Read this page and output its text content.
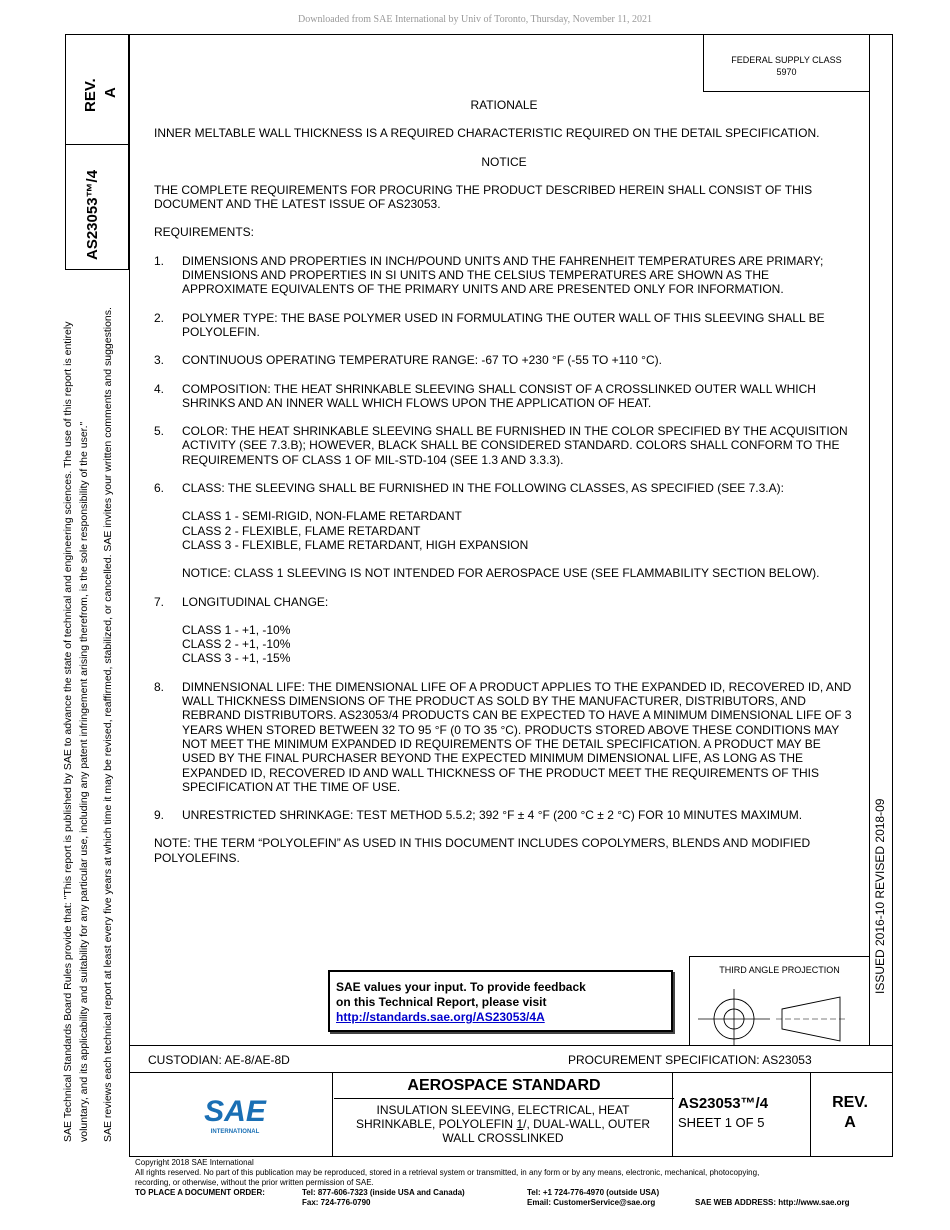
Downloaded from SAE International by Univ of Toronto, Thursday, November 11, 2021
REV. A
AS23053™/4
SAE Technical Standards Board Rules provide that: "This report is published by SAE to advance the state of technical and engineering sciences. The use of this report is entirely voluntary, and its applicability and suitability for any particular use, including any patent infringement arising therefrom, is the sole responsibility of the user." SAE reviews each technical report at least every five years at which time it may be revised, reaffirmed, stabilized, or cancelled. SAE invites your written comments and suggestions.	ISSUED 2016-10 REVISED 2018-09
FEDERAL SUPPLY CLASS
5970
RATIONALE
INNER MELTABLE WALL THICKNESS IS A REQUIRED CHARACTERISTIC REQUIRED ON THE DETAIL SPECIFICATION.
NOTICE
THE COMPLETE REQUIREMENTS FOR PROCURING THE PRODUCT DESCRIBED HEREIN SHALL CONSIST OF THIS DOCUMENT AND THE LATEST ISSUE OF AS23053.
REQUIREMENTS:
1.	DIMENSIONS AND PROPERTIES IN INCH/POUND UNITS AND THE FAHRENHEIT TEMPERATURES ARE PRIMARY; DIMENSIONS AND PROPERTIES IN SI UNITS AND THE CELSIUS TEMPERATURES ARE SHOWN AS THE APPROXIMATE EQUIVALENTS OF THE PRIMARY UNITS AND ARE PRESENTED ONLY FOR INFORMATION.
2.	POLYMER TYPE: THE BASE POLYMER USED IN FORMULATING THE OUTER WALL OF THIS SLEEVING SHALL BE POLYOLEFIN.
3.	CONTINUOUS OPERATING TEMPERATURE RANGE: -67 TO +230 °F (-55 TO +110 °C).
4.	COMPOSITION: THE HEAT SHRINKABLE SLEEVING SHALL CONSIST OF A CROSSLINKED OUTER WALL WHICH SHRINKS AND AN INNER WALL WHICH FLOWS UPON THE APPLICATION OF HEAT.
5.	COLOR: THE HEAT SHRINKABLE SLEEVING SHALL BE FURNISHED IN THE COLOR SPECIFIED BY THE ACQUISITION ACTIVITY (SEE 7.3.B); HOWEVER, BLACK SHALL BE CONSIDERED STANDARD. COLORS SHALL CONFORM TO THE REQUIREMENTS OF CLASS 1 OF MIL-STD-104 (SEE 1.3 AND 3.3.3).
6.	CLASS: THE SLEEVING SHALL BE FURNISHED IN THE FOLLOWING CLASSES, AS SPECIFIED (SEE 7.3.A):
CLASS 1 - SEMI-RIGID, NON-FLAME RETARDANT
CLASS 2 - FLEXIBLE, FLAME RETARDANT
CLASS 3 - FLEXIBLE, FLAME RETARDANT, HIGH EXPANSION
NOTICE: CLASS 1 SLEEVING IS NOT INTENDED FOR AEROSPACE USE (SEE FLAMMABILITY SECTION BELOW).
7.	LONGITUDINAL CHANGE:
CLASS 1 - +1, -10%
CLASS 2 - +1, -10%
CLASS 3 - +1, -15%
8.	DIMNENSIONAL LIFE: THE DIMENSIONAL LIFE OF A PRODUCT APPLIES TO THE EXPANDED ID, RECOVERED ID, AND WALL THICKNESS DIMENSIONS OF THE PRODUCT AS SOLD BY THE MANUFACTURER, DISTRIBUTORS, AND REBRAND DISTRIBUTORS. AS23053/4 PRODUCTS CAN BE EXPECTED TO HAVE A MINIMUM DIMENSIONAL LIFE OF 3 YEARS WHEN STORED BETWEEN 32 TO 95 °F (0 TO 35 °C). PRODUCTS STORED ABOVE THESE CONDITIONS MAY NOT MEET THE MINIMUM EXPANDED ID REQUIREMENTS OF THE DETAIL SPECIFICATION. A PRODUCT MAY BE USED BY THE FINAL PURCHASER BEYOND THE EXPECTED MINIMUM DIMENSIONAL LIFE, AS LONG AS THE EXPANDED ID, RECOVERED ID AND WALL THICKNESS OF THE PRODUCT MEET THE REQUIREMENTS OF THIS SPECIFICATION AT THE TIME OF USE.
9.	UNRESTRICTED SHRINKAGE: TEST METHOD 5.5.2; 392 °F ± 4 °F (200 °C ± 2 °C) FOR 10 MINUTES MAXIMUM.
NOTE: THE TERM “POLYOLEFIN” AS USED IN THIS DOCUMENT INCLUDES COPOLYMERS, BLENDS AND MODIFIED POLYOLEFINS.
THIRD ANGLE PROJECTION
SAE values your input. To provide feedback
on this Technical Report, please visit
http://standards.sae.org/AS23053/4A
CUSTODIAN: AE-8/AE-8D	PROCUREMENT SPECIFICATION: AS23053
SAE
INTERNATIONAL
AEROSPACE STANDARD
INSULATION SLEEVING, ELECTRICAL, HEAT
SHRINKABLE, POLYOLEFIN 1/, DUAL-WALL, OUTER
WALL CROSSLINKED
AS23053™/4
SHEET 1 OF 5
REV.
A
Copyright 2018 SAE International
All rights reserved. No part of this publication may be reproduced, stored in a retrieval system or transmitted, in any form or by any means, electronic, mechanical, photocopying,
recording, or otherwise, without the prior written permission of SAE.
TO PLACE A DOCUMENT ORDER:	Tel: 877-606-7323 (inside USA and Canada)	Tel: +1 724-776-4970 (outside USA)
Fax: 724-776-0790	Email: CustomerService@sae.org	SAE WEB ADDRESS: http://www.sae.org
